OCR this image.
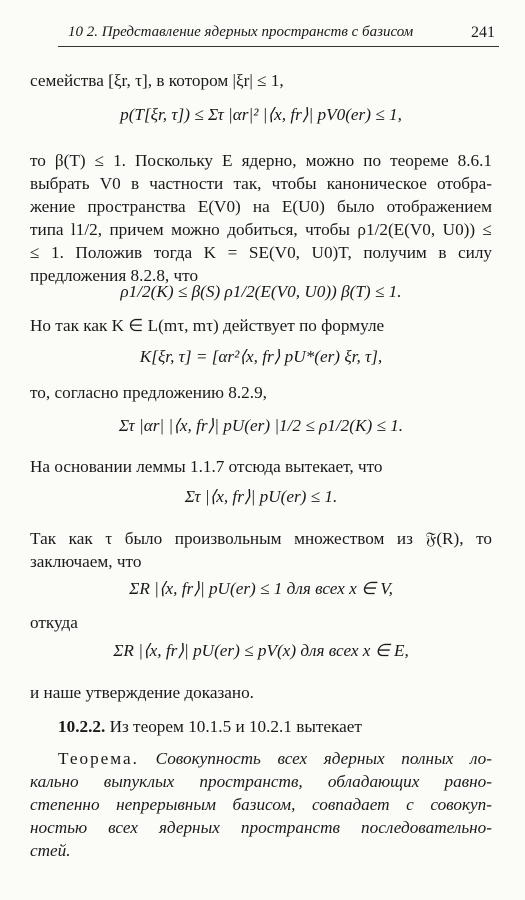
10 2. Представление ядерных пространств с базисом	241
семейства [ξr, τ], в котором |ξr| ≤ 1,
p(T[ξr, τ]) ≤ Στ |αr|² |⟨x, fr⟩| pV0(er) ≤ 1,
то β(T) ≤ 1. Поскольку E ядерно, можно по теореме 8.6.1
выбрать V0 в частности так, чтобы каноническое отобра-
жение пространства E(V0) на E(U0) было отображением
типа l1/2, причем можно добиться, чтобы ρ1/2(E(V0, U0)) ≤
≤ 1. Положив тогда K = SE(V0, U0)T, получим в силу
предложения 8.2.8, что
ρ1/2(K) ≤ β(S) ρ1/2(E(V0, U0)) β(T) ≤ 1.
Но так как K ∈ L(mτ, mτ) действует по формуле
K[ξr, τ] = [αr²⟨x, fr⟩ pU*(er) ξr, τ],
то, согласно предложению 8.2.9,
Στ |αr| |⟨x, fr⟩| pU(er) |1/2 ≤ ρ1/2(K) ≤ 1.
На основании леммы 1.1.7 отсюда вытекает, что
Στ |⟨x, fr⟩| pU(er) ≤ 1.
Так как τ было произвольным множеством из 𝔉(R), то
заключаем, что
ΣR |⟨x, fr⟩| pU(er) ≤ 1 для всех x ∈ V,
откуда
ΣR |⟨x, fr⟩| pU(er) ≤ pV(x) для всех x ∈ E,
и наше утверждение доказано.
10.2.2. Из теорем 10.1.5 и 10.2.1 вытекает
Теорема. Совокупность всех ядерных полных ло-
кально выпуклых пространств, обладающих равно-
степенно непрерывным базисом, совпадает с совокуп-
ностью всех ядерных пространств последовательно-
стей.
